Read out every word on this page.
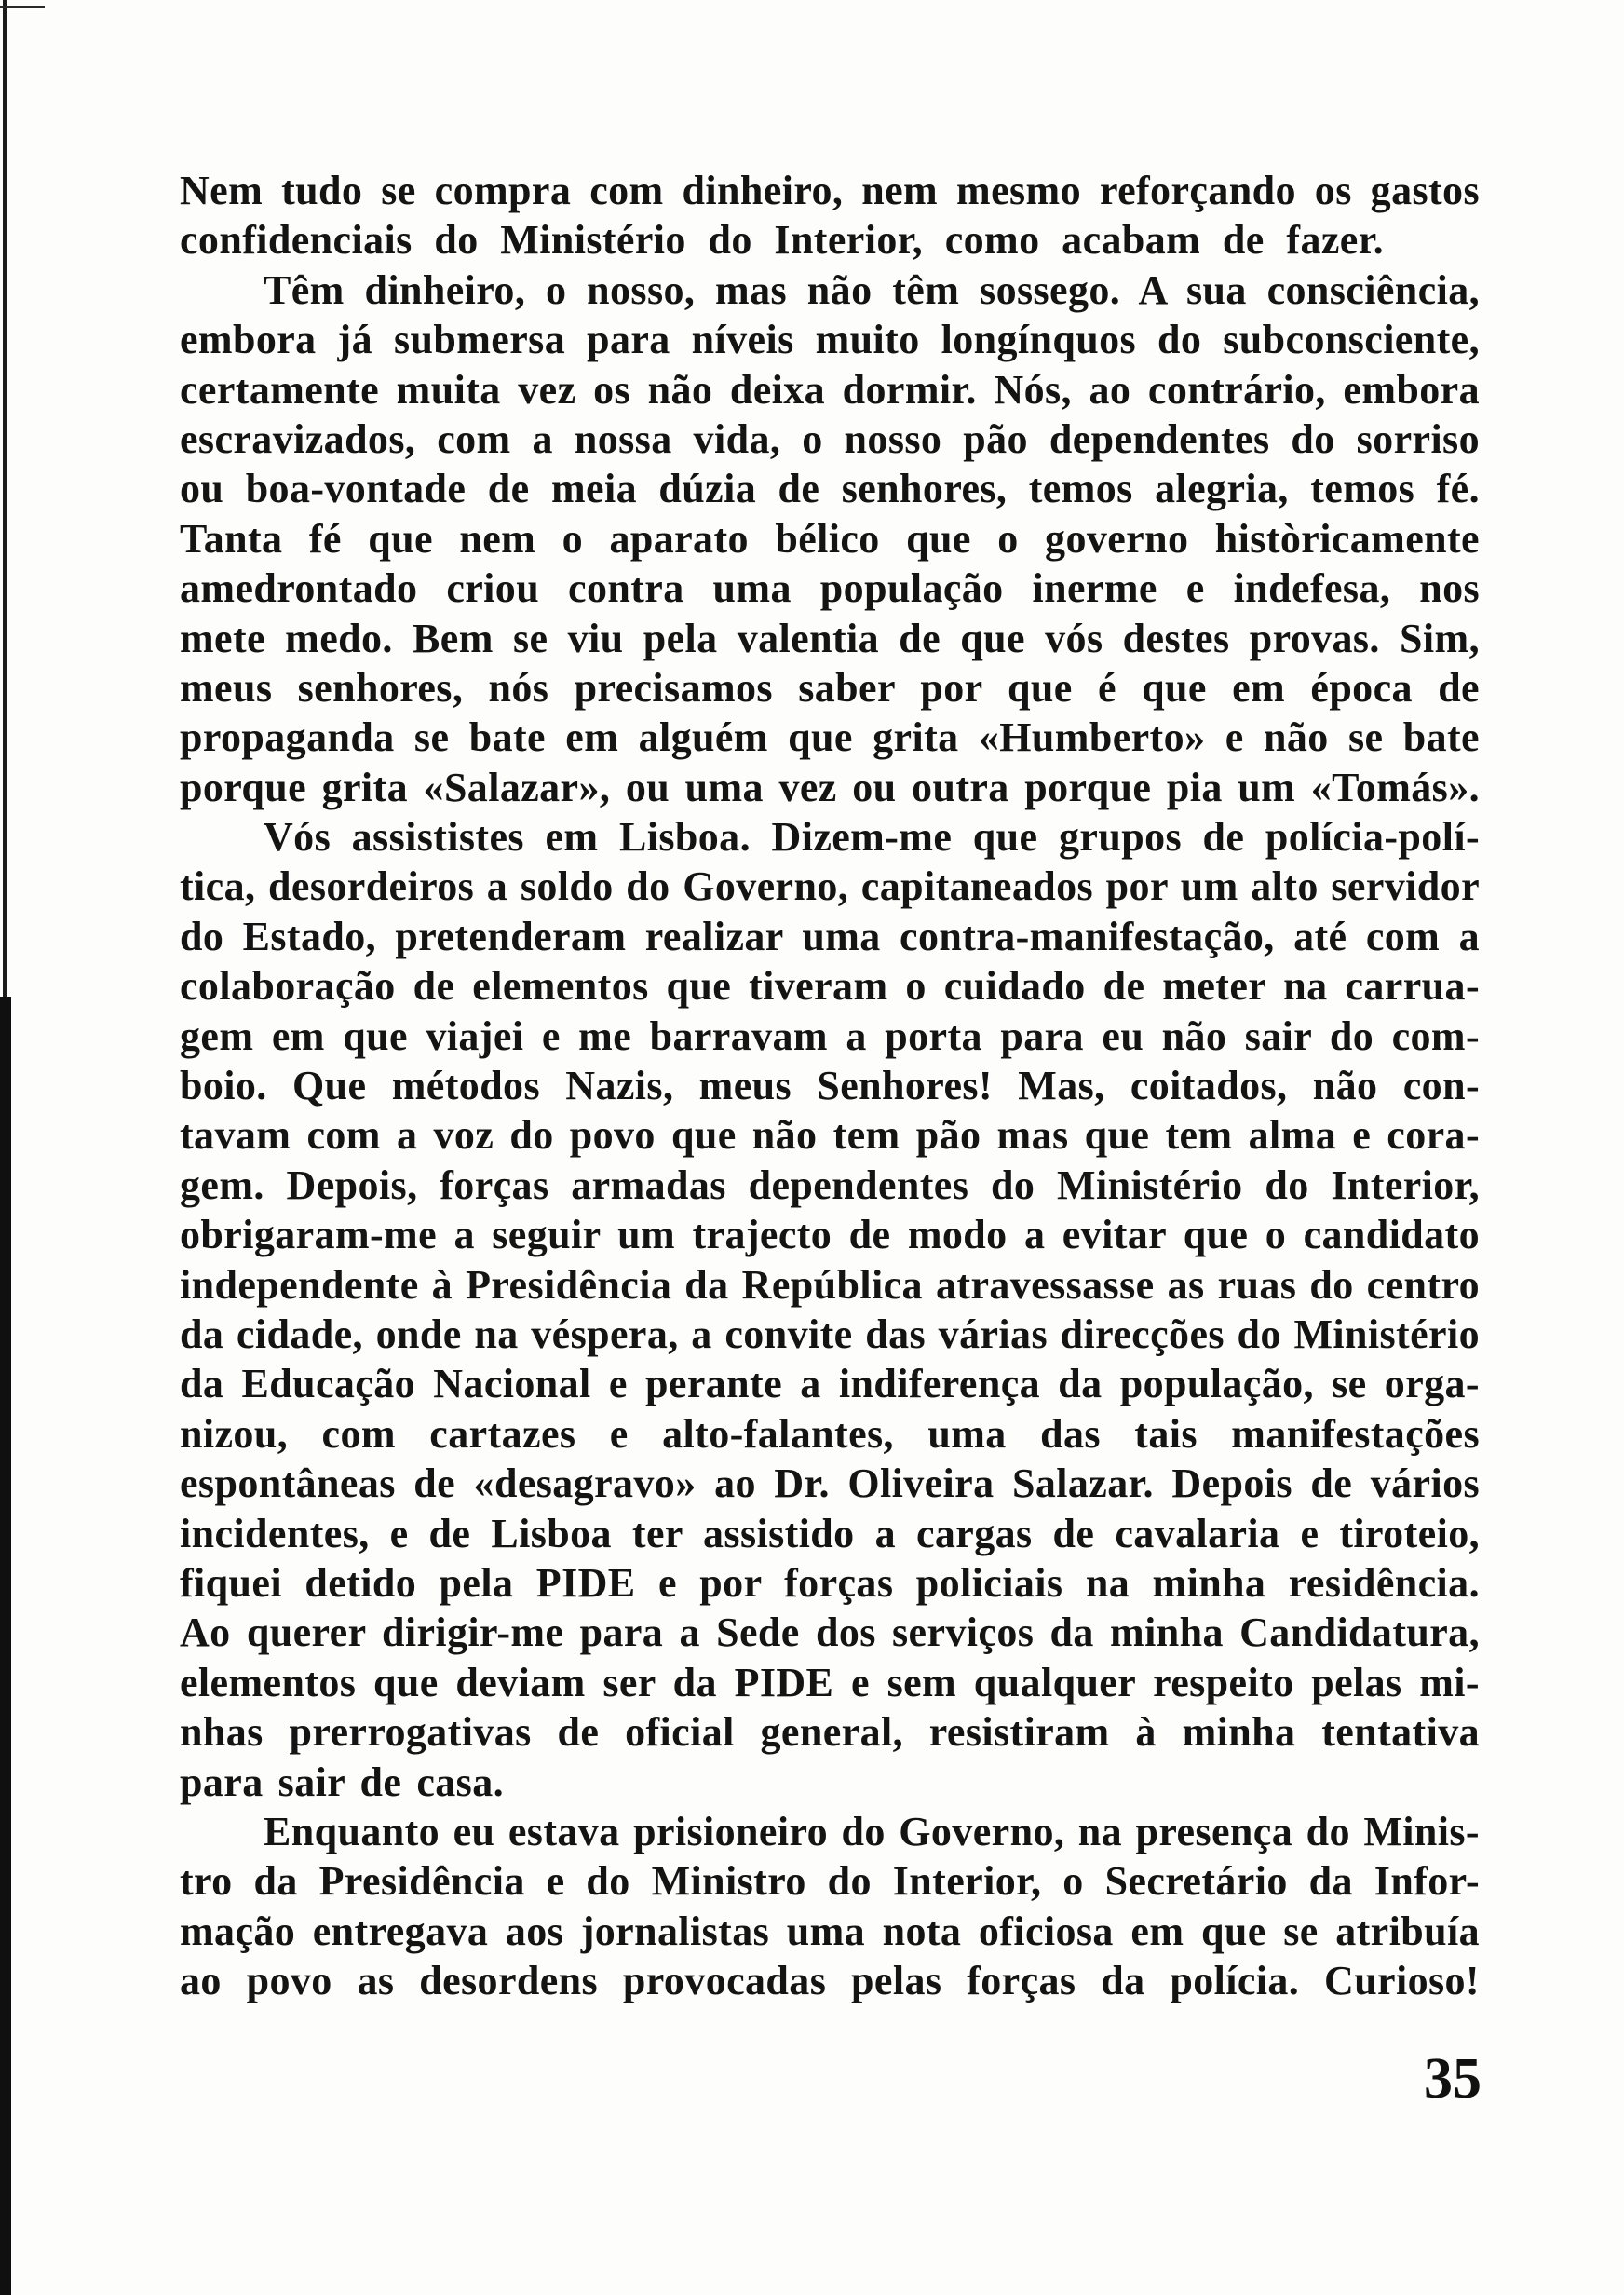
Nem tudo se compra com dinheiro, nem mesmo reforçando os gastos
confidenciais do Ministério do Interior, como acabam de fazer.
Têm dinheiro, o nosso, mas não têm sossego. A sua consciência,
embora já submersa para níveis muito longínquos do subconsciente,
certamente muita vez os não deixa dormir. Nós, ao contrário, embora
escravizados, com a nossa vida, o nosso pão dependentes do sorriso
ou boa-vontade de meia dúzia de senhores, temos alegria, temos fé.
Tanta fé que nem o aparato bélico que o governo històricamente
amedrontado criou contra uma população inerme e indefesa, nos
mete medo. Bem se viu pela valentia de que vós destes provas. Sim,
meus senhores, nós precisamos saber por que é que em época de
propaganda se bate em alguém que grita «Humberto» e não se bate
porque grita «Salazar», ou uma vez ou outra porque pia um «Tomás».
Vós assististes em Lisboa. Dizem-me que grupos de polícia-polí-
tica, desordeiros a soldo do Governo, capitaneados por um alto servidor
do Estado, pretenderam realizar uma contra-manifestação, até com a
colaboração de elementos que tiveram o cuidado de meter na carrua-
gem em que viajei e me barravam a porta para eu não sair do com-
boio. Que métodos Nazis, meus Senhores! Mas, coitados, não con-
tavam com a voz do povo que não tem pão mas que tem alma e cora-
gem. Depois, forças armadas dependentes do Ministério do Interior,
obrigaram-me a seguir um trajecto de modo a evitar que o candidato
independente à Presidência da República atravessasse as ruas do centro
da cidade, onde na véspera, a convite das várias direcções do Ministério
da Educação Nacional e perante a indiferença da população, se orga-
nizou, com cartazes e alto-falantes, uma das tais manifestações
espontâneas de «desagravo» ao Dr. Oliveira Salazar. Depois de vários
incidentes, e de Lisboa ter assistido a cargas de cavalaria e tiroteio,
fiquei detido pela PIDE e por forças policiais na minha residência.
Ao querer dirigir-me para a Sede dos serviços da minha Candidatura,
elementos que deviam ser da PIDE e sem qualquer respeito pelas mi-
nhas prerrogativas de oficial general, resistiram à minha tentativa
para sair de casa.
Enquanto eu estava prisioneiro do Governo, na presença do Minis-
tro da Presidência e do Ministro do Interior, o Secretário da Infor-
mação entregava aos jornalistas uma nota oficiosa em que se atribuía
ao povo as desordens provocadas pelas forças da polícia. Curioso!
35
